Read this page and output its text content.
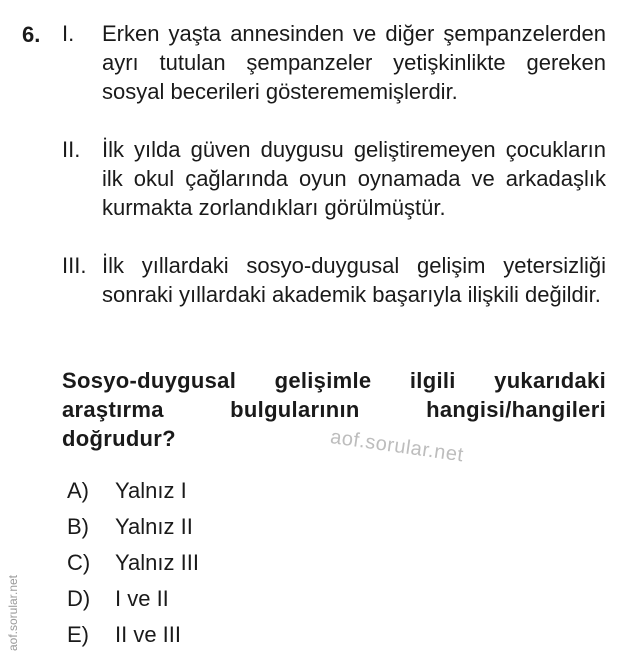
6. I. Erken yaşta annesinden ve diğer şempanzelerden ayrı tutulan şempanzeler yetişkinlikte gereken sosyal becerileri gösterememişlerdir.
II. İlk yılda güven duygusu geliştiremeyen çocukların ilk okul çağlarında oyun oynamada ve arkadaşlık kurmakta zorlandıkları görülmüştür.
III. İlk yıllardaki sosyo-duygusal gelişim yetersizliği sonraki yıllardaki akademik başarıyla ilişkili değildir.
Sosyo-duygusal gelişimle ilgili yukarıdaki araştırma bulgularının hangisi/hangileri doğrudur?	aof.sorular.net
A) Yalnız I
B) Yalnız II
C) Yalnız III
D) I ve II
E) II ve III
aof.sorular.net
